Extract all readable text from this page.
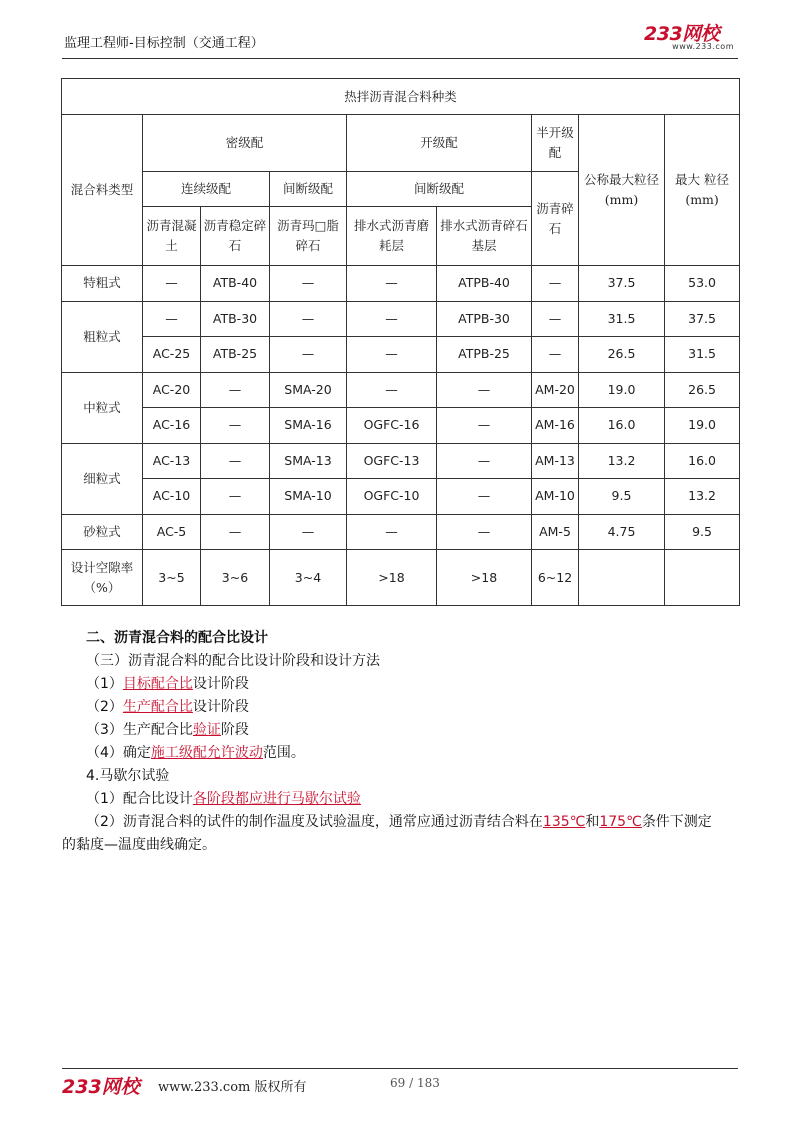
监理工程师-目标控制（交通工程）	233网校
www.233.com
热拌沥青混合料种类								
混合料类型	密级配			开级配		半开级配	公称最大粒径(mm)	最大 粒径(mm)
	连续级配		间断级配	间断级配		沥青碎石		
	沥青混凝土	沥青稳定碎石	沥青玛□脂碎石	排水式沥青磨耗层	排水式沥青碎石基层			
特粗式	—	ATB-40	—	—	ATPB-40	—	37.5	53.0
粗粒式	—	ATB-30	—	—	ATPB-30	—	31.5	37.5
	AC-25	ATB-25	—	—	ATPB-25	—	26.5	31.5
中粒式	AC-20	—	SMA-20	—	—	AM-20	19.0	26.5
	AC-16	—	SMA-16	OGFC-16	—	AM-16	16.0	19.0
细粒式	AC-13	—	SMA-13	OGFC-13	—	AM-13	13.2	16.0
	AC-10	—	SMA-10	OGFC-10	—	AM-10	9.5	13.2
砂粒式	AC-5	—	—	—	—	AM-5	4.75	9.5
设计空隙率（%）	3~5	3~6	3~4	>18	>18	6~12		
二、沥青混合料的配合比设计
（三）沥青混合料的配合比设计阶段和设计方法
（1）目标配合比设计阶段
（2）生产配合比设计阶段
（3）生产配合比验证阶段
（4）确定施工级配允许波动范围。
4.马歇尔试验
（1）配合比设计各阶段都应进行马歇尔试验
（2）沥青混合料的试件的制作温度及试验温度，通常应通过沥青结合料在135℃和175℃条件下测定
的黏度—温度曲线确定。
233网校 www.233.com 版权所有	69 / 183
